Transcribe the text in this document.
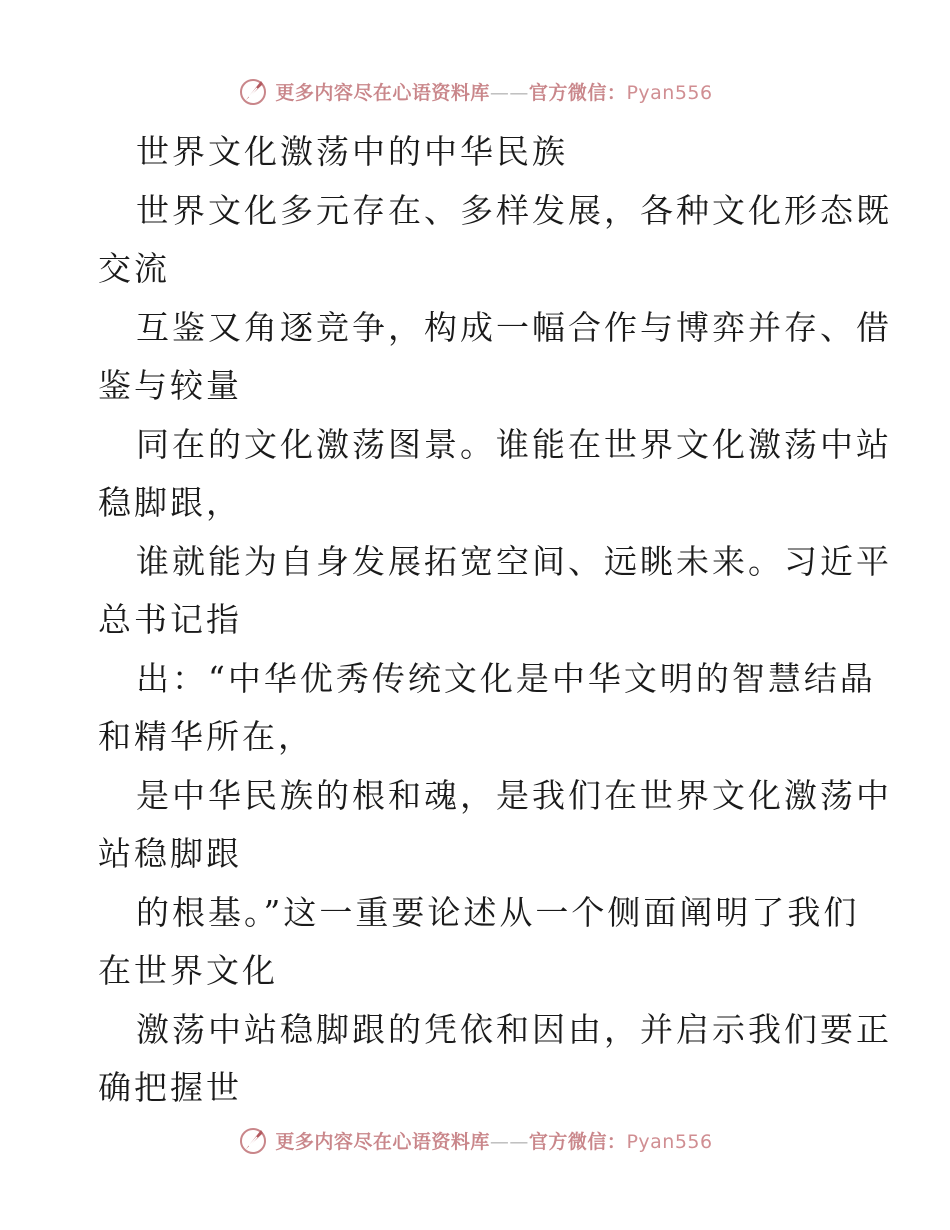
更多内容尽在心语资料库——官方微信：Pyan556
世界文化激荡中的中华民族
世界文化多元存在、多样发展，各种文化形态既
交流
互鉴又角逐竞争，构成一幅合作与博弈并存、借
鉴与较量
同在的文化激荡图景。谁能在世界文化激荡中站
稳脚跟，
谁就能为自身发展拓宽空间、远眺未来。习近平
总书记指
出：“中华优秀传统文化是中华文明的智慧结晶
和精华所在，
是中华民族的根和魂，是我们在世界文化激荡中
站稳脚跟
的根基。”这一重要论述从一个侧面阐明了我们
在世界文化
激荡中站稳脚跟的凭依和因由，并启示我们要正
确把握世
更多内容尽在心语资料库——官方微信：Pyan556
